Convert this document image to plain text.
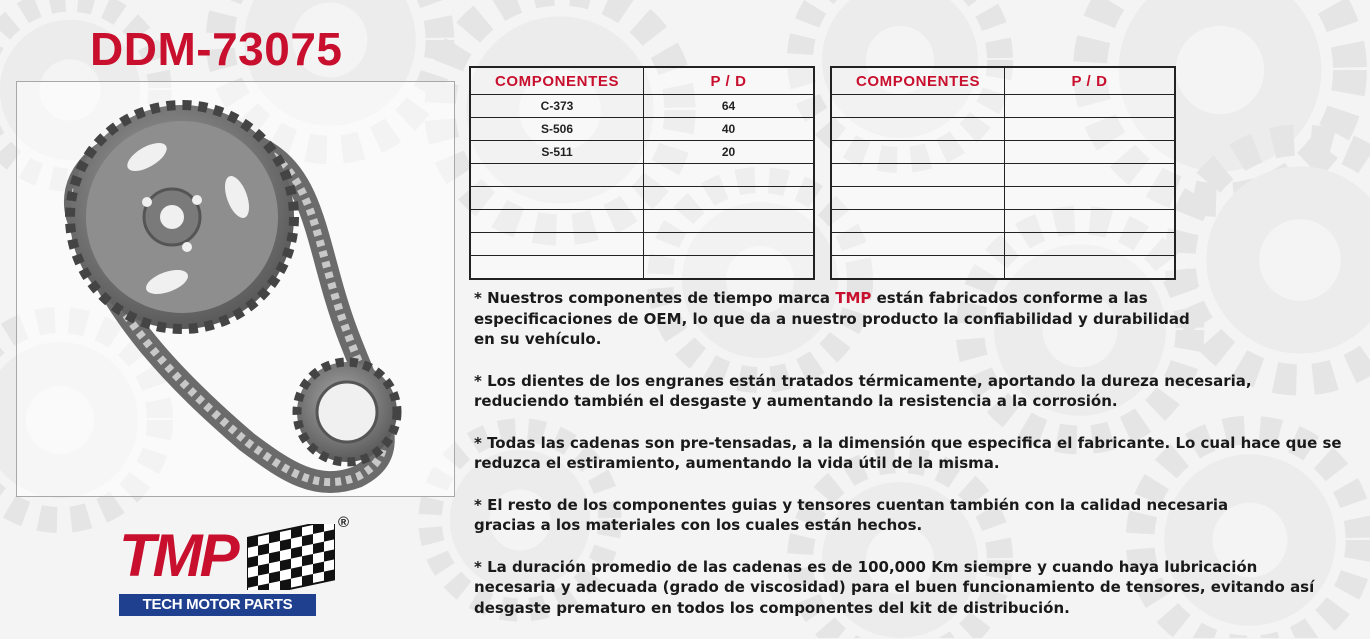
DDM-73075
COMPONENTES	P / D
C-373	64
S-506	40
S-511	20

COMPONENTES	P / D

* Nuestros componentes de tiempo marca TMP están fabricados conforme a las
especificaciones de OEM, lo que da a nuestro producto la confiabilidad y durabilidad
en su vehículo.

* Los dientes de los engranes están tratados térmicamente, aportando la dureza necesaria,
reduciendo también el desgaste y aumentando la resistencia a la corrosión.

* Todas las cadenas son pre-tensadas, a la dimensión que especifica el fabricante. Lo cual hace que se
reduzca el estiramiento, aumentando la vida útil de la misma.

* El resto de los componentes guias y tensores cuentan también con la calidad necesaria
gracias a los materiales con los cuales están hechos.

* La duración promedio de las cadenas es de 100,000 Km siempre y cuando haya lubricación
necesaria y adecuada (grado de viscosidad) para el buen funcionamiento de tensores, evitando así
desgaste prematuro en todos los componentes del kit de distribución.

TMP	®
TECH MOTOR PARTS
